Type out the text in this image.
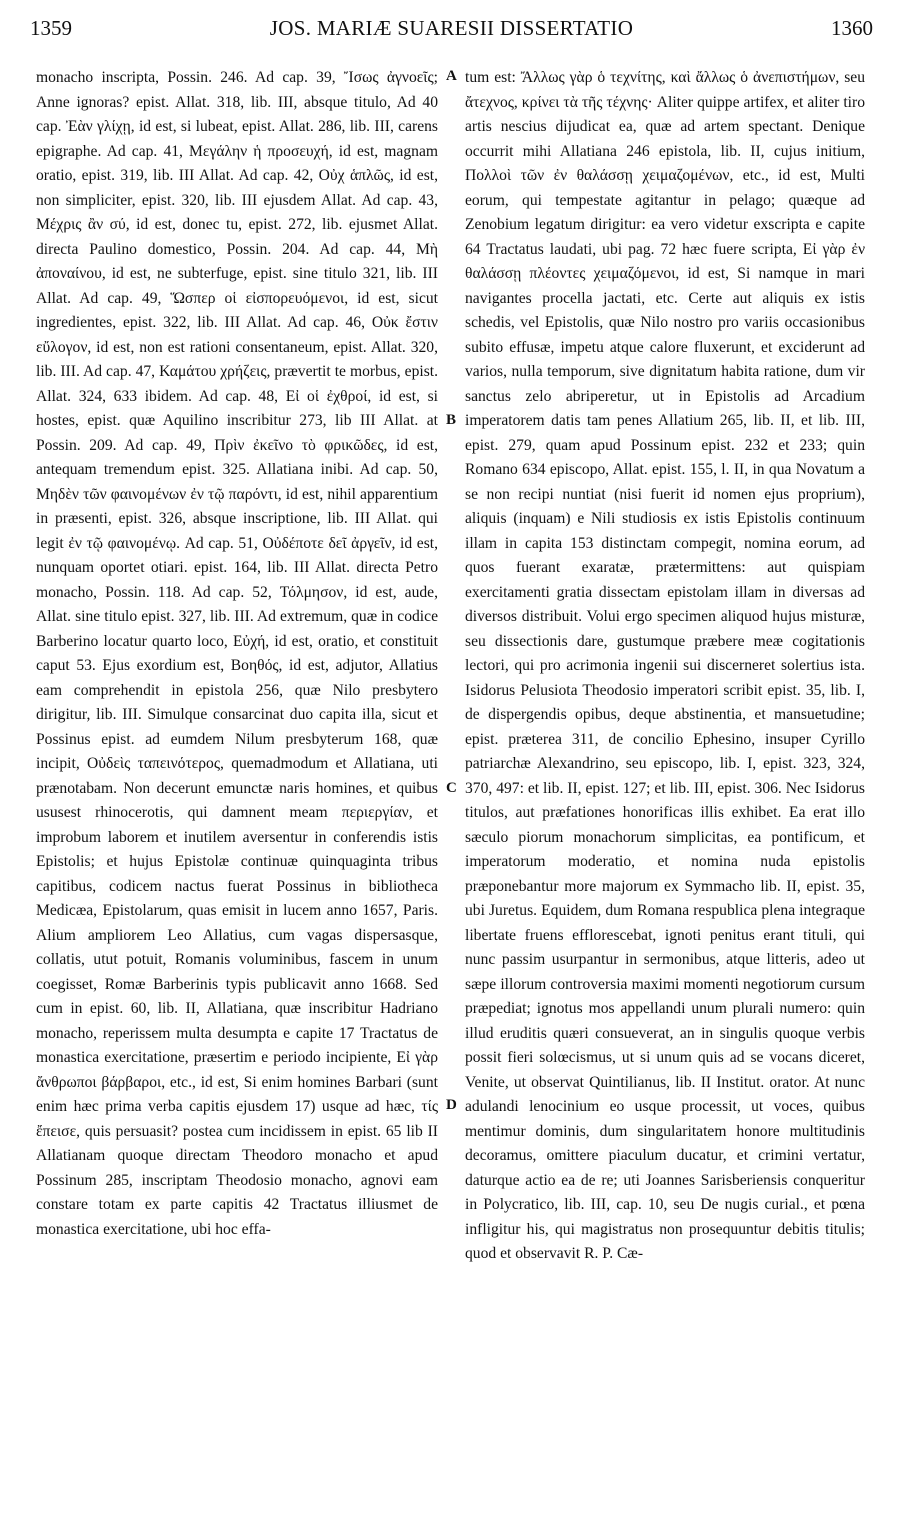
1359	JOS. MARIÆ SUARESII DISSERTATIO	1360

monacho inscripta, Possin. 246. Ad cap. 39, Ἴσως ἀγνοεῖς; Anne ignoras? epist. Allat. 318, lib. III, absque titulo, Ad 40 cap. Ἐὰν γλίχῃ, id est, si lubeat, epist. Allat. 286, lib. III, carens epigraphe. Ad cap. 41, Μεγάλην ἡ προσευχή, id est, magnam oratio, epist. 319, lib. III Allat. Ad cap. 42, Οὐχ ἁπλῶς, id est, non simpliciter, epist. 320, lib. III ejusdem Allat. Ad cap. 43, Μέχρις ἂν σύ, id est, donec tu, epist. 272, lib. ejusmet Allat. directa Paulino domestico, Possin. 204. Ad cap. 44, Μὴ ἀποναίνου, id est, ne subterfuge, epist. sine titulo 321, lib. III Allat. Ad cap. 49, Ὥσπερ οἱ εἰσπορευόμενοι, id est, sicut ingredientes, epist. 322, lib. III Allat. Ad cap. 46, Οὐκ ἔστιν εὔλογον, id est, non est rationi consentaneum, epist. Allat. 320, lib. III. Ad cap. 47, Καμάτου χρήζεις, prævertit te morbus, epist. Allat. 324, 633 ibidem. Ad cap. 48, Εἰ οἱ ἐχθροί, id est, si hostes, epist. quæ Aquilino inscribitur 273, lib III Allat. at Possin. 209. Ad cap. 49, Πρὶν ἐκεῖνο τὸ φρικῶδες, id est, antequam tremendum epist. 325. Allatiana inibi. Ad cap. 50, Μηδὲν τῶν φαινομένων ἐν τῷ παρόντι, id est, nihil apparentium in præsenti, epist. 326, absque inscriptione, lib. III Allat. qui legit ἐν τῷ φαινομένῳ. Ad cap. 51, Οὐδέποτε δεῖ ἀργεῖν, id est, nunquam oportet otiari. epist. 164, lib. III Allat. directa Petro monacho, Possin. 118. Ad cap. 52, Τόλμησον, id est, aude, Allat. sine titulo epist. 327, lib. III. Ad extremum, quæ in codice Barberino locatur quarto loco, Εὐχή, id est, oratio, et constituit caput 53. Ejus exordium est, Βοηθός, id est, adjutor, Allatius eam comprehendit in epistola 256, quæ Nilo presbytero dirigitur, lib. III. Simulque consarcinat duo capita illa, sicut et Possinus epist. ad eumdem Nilum presbyterum 168, quæ incipit, Οὐδεὶς ταπεινότερος, quemadmodum et Allatiana, uti prænotabam. Non decerunt emunctæ naris homines, et quibus ususest rhinocerotis, qui damnent meam περιεργίαν, et improbum laborem et inutilem aversentur in conferendis istis Epistolis; et hujus Epistolæ continuæ quinquaginta tribus capitibus, codicem nactus fuerat Possinus in bibliotheca Medicæa, Epistolarum, quas emisit in lucem anno 1657, Paris. Alium ampliorem Leo Allatius, cum vagas dispersasque, collatis, utut potuit, Romanis voluminibus, fascem in unum coegisset, Romæ Barberinis typis publicavit anno 1668. Sed cum in epist. 60, lib. II, Allatiana, quæ inscribitur Hadriano monacho, reperissem multa desumpta e capite 17 Tractatus de monastica exercitatione, præsertim e periodo incipiente, Εἰ γὰρ ἄνθρωποι βάρβαροι, etc., id est, Si enim homines Barbari (sunt enim hæc prima verba capitis ejusdem 17) usque ad hæc, τίς ἔπεισε, quis persuasit? postea cum incidissem in epist. 65 lib II Allatianam quoque directam Theodoro monacho et apud Possinum 285, inscriptam Theodosio monacho, agnovi eam constare totam ex parte capitis 42 Tractatus illiusmet de monastica exercitatione, ubi hoc effa-

tum est: Ἄλλως γὰρ ὁ τεχνίτης, καὶ ἄλλως ὁ ἀνεπιστήμων, seu ἄτεχνος, κρίνει τὰ τῆς τέχνης· Aliter quippe artifex, et aliter tiro artis nescius dijudicat ea, quæ ad artem spectant. Denique occurrit mihi Allatiana 246 epistola, lib. II, cujus initium, Πολλοὶ τῶν ἐν θαλάσσῃ χειμαζομένων, etc., id est, Multi eorum, qui tempestate agitantur in pelago; quæque ad Zenobium legatum dirigitur: ea vero videtur exscripta e capite 64 Tractatus laudati, ubi pag. 72 hæc fuere scripta, Εἰ γὰρ ἐν θαλάσσῃ πλέοντες χειμαζόμενοι, id est, Si namque in mari navigantes procella jactati, etc. Certe aut aliquis ex istis schedis, vel Epistolis, quæ Nilo nostro pro variis occasionibus subito effusæ, impetu atque calore fluxerunt, et exciderunt ad varios, nulla temporum, sive dignitatum habita ratione, dum vir sanctus zelo abriperetur, ut in Epistolis ad Arcadium imperatorem datis tam penes Allatium 265, lib. II, et lib. III, epist. 279, quam apud Possinum epist. 232 et 233; quin Romano 634 episcopo, Allat. epist. 155, l. II, in qua Novatum a se non recipi nuntiat (nisi fuerit id nomen ejus proprium), aliquis (inquam) e Nili studiosis ex istis Epistolis continuum illam in capita 153 distinctam compegit, nomina eorum, ad quos fuerant exaratæ, prætermittens: aut quispiam exercitamenti gratia dissectam epistolam illam in diversas ad diversos distribuit. Volui ergo specimen aliquod hujus misturæ, seu dissectionis dare, gustumque præbere meæ cogitationis lectori, qui pro acrimonia ingenii sui discerneret solertius ista. Isidorus Pelusiota Theodosio imperatori scribit epist. 35, lib. I, de dispergendis opibus, deque abstinentia, et mansuetudine; epist. præterea 311, de concilio Ephesino, insuper Cyrillo patriarchæ Alexandrino, seu episcopo, lib. I, epist. 323, 324, 370, 497: et lib. II, epist. 127; et lib. III, epist. 306. Nec Isidorus titulos, aut præfationes honorificas illis exhibet. Ea erat illo sæculo piorum monachorum simplicitas, ea pontificum, et imperatorum moderatio, et nomina nuda epistolis præponebantur more majorum ex Symmacho lib. II, epist. 35, ubi Juretus. Equidem, dum Romana respublica plena integraque libertate fruens efflorescebat, ignoti penitus erant tituli, qui nunc passim usurpantur in sermonibus, atque litteris, adeo ut sæpe illorum controversia maximi momenti negotiorum cursum præpediat; ignotus mos appellandi unum plurali numero: quin illud eruditis quæri consueverat, an in singulis quoque verbis possit fieri solœcismus, ut si unum quis ad se vocans diceret, Venite, ut observat Quintilianus, lib. II Institut. orator. At nunc adulandi lenocinium eo usque processit, ut voces, quibus mentimur dominis, dum singularitatem honore multitudinis decoramus, omittere piaculum ducatur, et crimini vertatur, daturque actio ea de re; uti Joannes Sarisberiensis conqueritur in Polycratico, lib. III, cap. 10, seu De nugis curial., et pœna infligitur his, qui magistratus non prosequuntur debitis titulis; quod et observavit R. P. Cæ-

A
B
C
D
